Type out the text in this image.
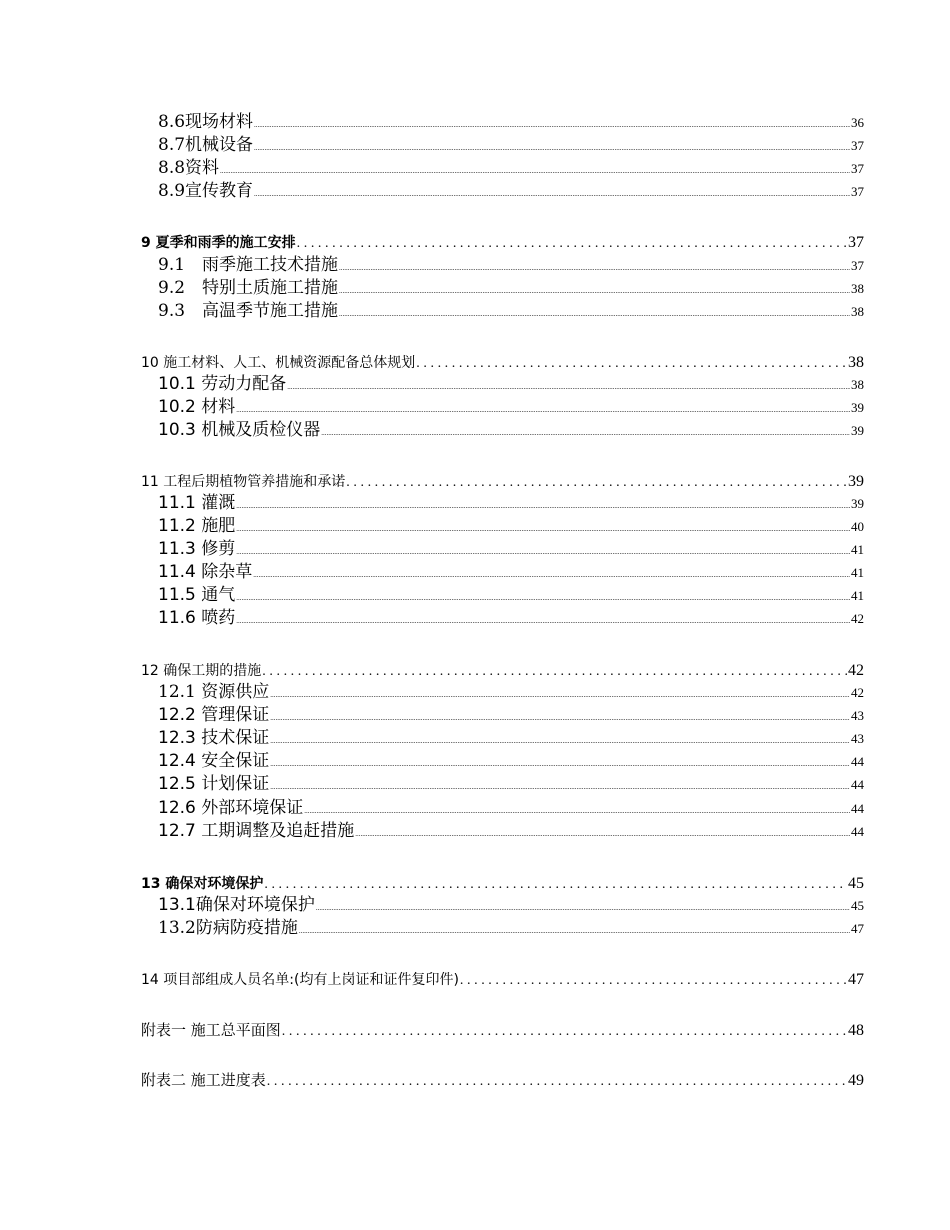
8.6现场材料 .....	36
8.7机械设备 .....	37
8.8资料 .....	37
8.9宣传教育 .....	37
9 夏季和雨季的施工安排 .....	37
9.1　雨季施工技术措施 .....	37
9.2　特别土质施工措施 .....	38
9.3　高温季节施工措施 .....	38
10 施工材料、人工、机械资源配备总体规划 .....	38
10.1 劳动力配备 .....	38
10.2 材料 .....	39
10.3 机械及质检仪器 .....	39
11 工程后期植物管养措施和承诺 .....	39
11.1 灌溉 .....	39
11.2 施肥 .....	40
11.3 修剪 .....	41
11.4 除杂草 .....	41
11.5 通气 .....	41
11.6 喷药 .....	42
12 确保工期的措施 .....	42
12.1 资源供应 .....	42
12.2 管理保证 .....	43
12.3 技术保证 .....	43
12.4 安全保证 .....	44
12.5 计划保证 .....	44
12.6 外部环境保证 .....	44
12.7 工期调整及追赶措施 .....	44
13 确保对环境保护 .....	45
13.1确保对环境保护 .....	45
13.2防病防疫措施 .....	47
14 项目部组成人员名单:(均有上岗证和证件复印件) .....	47
附表一 施工总平面图 .....	48
附表二 施工进度表 .....	49
